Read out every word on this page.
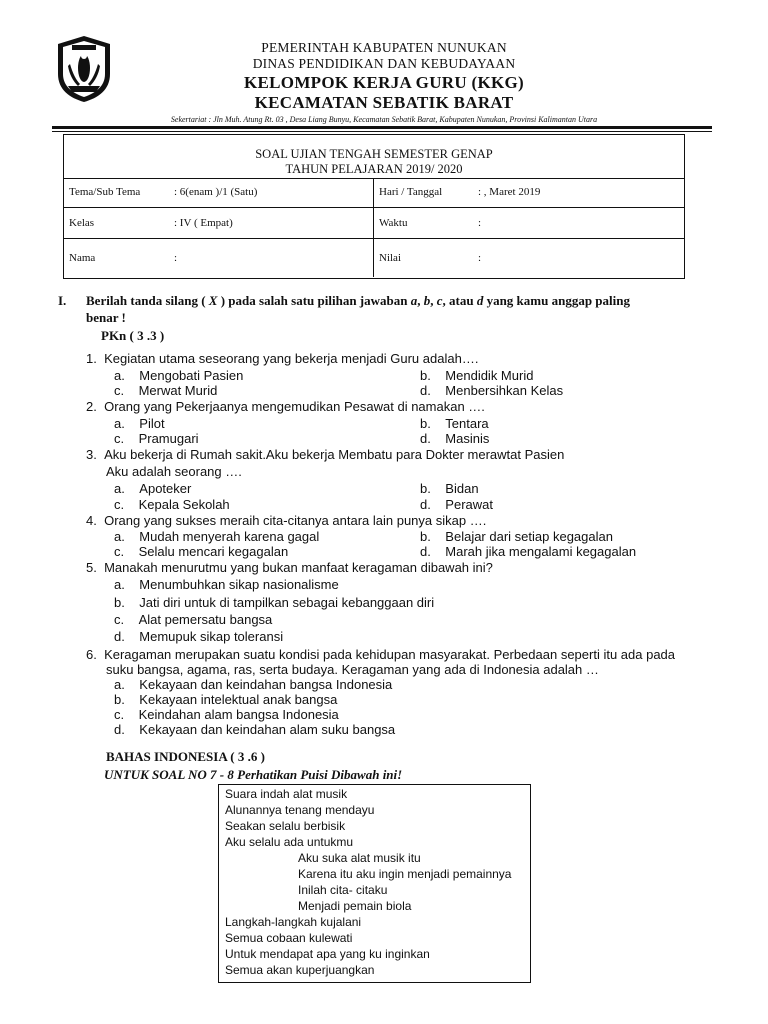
PEMERINTAH KABUPATEN NUNUKAN
DINAS PENDIDIKAN DAN KEBUDAYAAN
KELOMPOK KERJA GURU (KKG)
KECAMATAN SEBATIK BARAT
Sekertariat : Jln Muh. Atung Rt. 03 , Desa Liang Bunyu, Kecamatan Sebatik Barat, Kabupaten Nunukan, Provinsi Kalimantan Utara
SOAL UJIAN TENGAH SEMESTER GENAP
TAHUN PELAJARAN 2019/ 2020
Tema/Sub Tema	: 6(enam )/1 (Satu)	Hari / Tanggal	: , Maret 2019
Kelas	: IV ( Empat)	Waktu	:
Nama	:	Nilai	:
I. Berilah tanda silang ( X ) pada salah satu pilihan jawaban a, b, c, atau d yang kamu anggap paling
benar !
PKn ( 3 .3 )
1. Kegiatan utama seseorang yang bekerja menjadi Guru adalah….
a. Mengobati Pasien	b. Mendidik Murid
c. Merwat Murid	d. Menbersihkan Kelas
2. Orang yang Pekerjaanya mengemudikan Pesawat di namakan ….
a. Pilot	b. Tentara
c. Pramugari	d. Masinis
3. Aku bekerja di Rumah sakit.Aku bekerja Membatu para Dokter merawtat Pasien
Aku adalah seorang ….
a. Apoteker	b. Bidan
c. Kepala Sekolah	d. Perawat
4. Orang yang sukses meraih cita-citanya antara lain punya sikap ….
a. Mudah menyerah karena gagal	b. Belajar dari setiap kegagalan
c. Selalu mencari kegagalan	d. Marah jika mengalami kegagalan
5. Manakah menurutmu yang bukan manfaat keragaman dibawah ini?
a. Menumbuhkan sikap nasionalisme
b. Jati diri untuk di tampilkan sebagai kebanggaan diri
c. Alat pemersatu bangsa
d. Memupuk sikap toleransi
6. Keragaman merupakan suatu kondisi pada kehidupan masyarakat. Perbedaan seperti itu ada pada
suku bangsa, agama, ras, serta budaya. Keragaman yang ada di Indonesia adalah …
a. Kekayaan dan keindahan bangsa Indonesia
b. Kekayaan intelektual anak bangsa
c. Keindahan alam bangsa Indonesia
d. Kekayaan dan keindahan alam suku bangsa
BAHAS INDONESIA ( 3 .6 )
UNTUK SOAL NO 7 - 8 Perhatikan Puisi Dibawah ini!
Suara indah alat musik
Alunannya tenang mendayu
Seakan selalu berbisik
Aku selalu ada untukmu
Aku suka alat musik itu
Karena itu aku ingin menjadi pemainnya
Inilah cita- citaku
Menjadi pemain biola
Langkah-langkah kujalani
Semua cobaan kulewati
Untuk mendapat apa yang ku inginkan
Semua akan kuperjuangkan
